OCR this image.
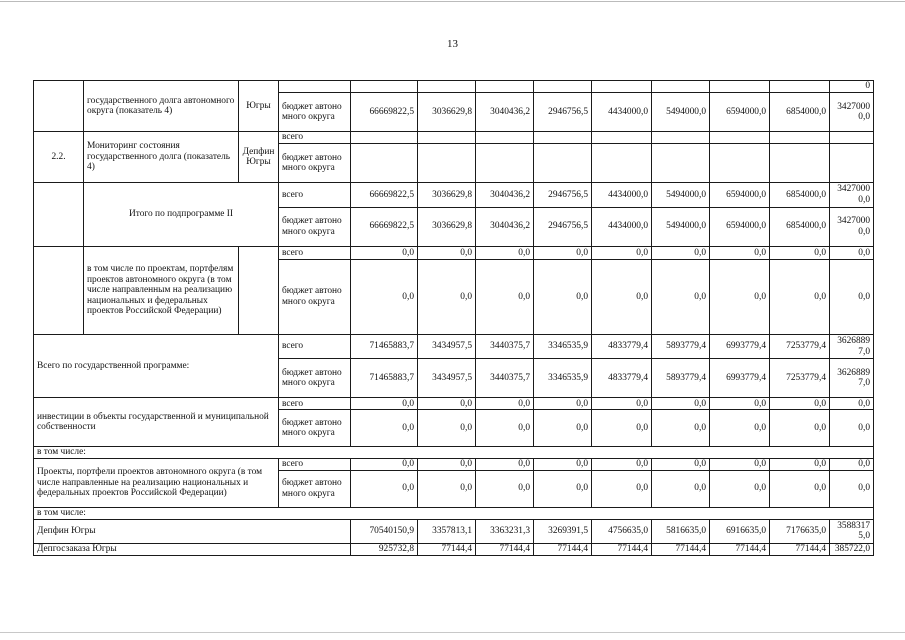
13
	государственного долга автономного округа (показатель 4)	Югры										0
			бюджет автономного округа	66669822,5	3036629,8	3040436,2	2946756,5	4434000,0	5494000,0	6594000,0	6854000,0	34270000,0
2.2.	Мониторинг состояния государственного долга (показатель 4)	Депфин Югры	всего									
			бюджет автономного округа									
	Итого по подпрограмме II		всего	66669822,5	3036629,8	3040436,2	2946756,5	4434000,0	5494000,0	6594000,0	6854000,0	34270000,0
			бюджет автономного округа	66669822,5	3036629,8	3040436,2	2946756,5	4434000,0	5494000,0	6594000,0	6854000,0	34270000,0
	в том числе по проектам, портфелям проектов автономного округа (в том числе направленным на реализацию национальных и федеральных проектов Российской Федерации)		всего	0,0	0,0	0,0	0,0	0,0	0,0	0,0	0,0	0,0
			бюджет автономного округа	0,0	0,0	0,0	0,0	0,0	0,0	0,0	0,0	0,0
Всего по государственной программе:			всего	71465883,7	3434957,5	3440375,7	3346535,9	4833779,4	5893779,4	6993779,4	7253779,4	36268897,0
			бюджет автономного округа	71465883,7	3434957,5	3440375,7	3346535,9	4833779,4	5893779,4	6993779,4	7253779,4	36268897,0
инвестиции в объекты государственной и муниципальной собственности			всего	0,0	0,0	0,0	0,0	0,0	0,0	0,0	0,0	0,0
			бюджет автономного округа	0,0	0,0	0,0	0,0	0,0	0,0	0,0	0,0	0,0
в том числе:												
Проекты, портфели проектов автономного округа (в том числе направленные на реализацию национальных и федеральных проектов Российской Федерации)			всего	0,0	0,0	0,0	0,0	0,0	0,0	0,0	0,0	0,0
			бюджет автономного округа	0,0	0,0	0,0	0,0	0,0	0,0	0,0	0,0	0,0
в том числе:												
Депфин Югры				70540150,9	3357813,1	3363231,3	3269391,5	4756635,0	5816635,0	6916635,0	7176635,0	35883175,0
Депгосзаказа Югры				925732,8	77144,4	77144,4	77144,4	77144,4	77144,4	77144,4	77144,4	385722,0
